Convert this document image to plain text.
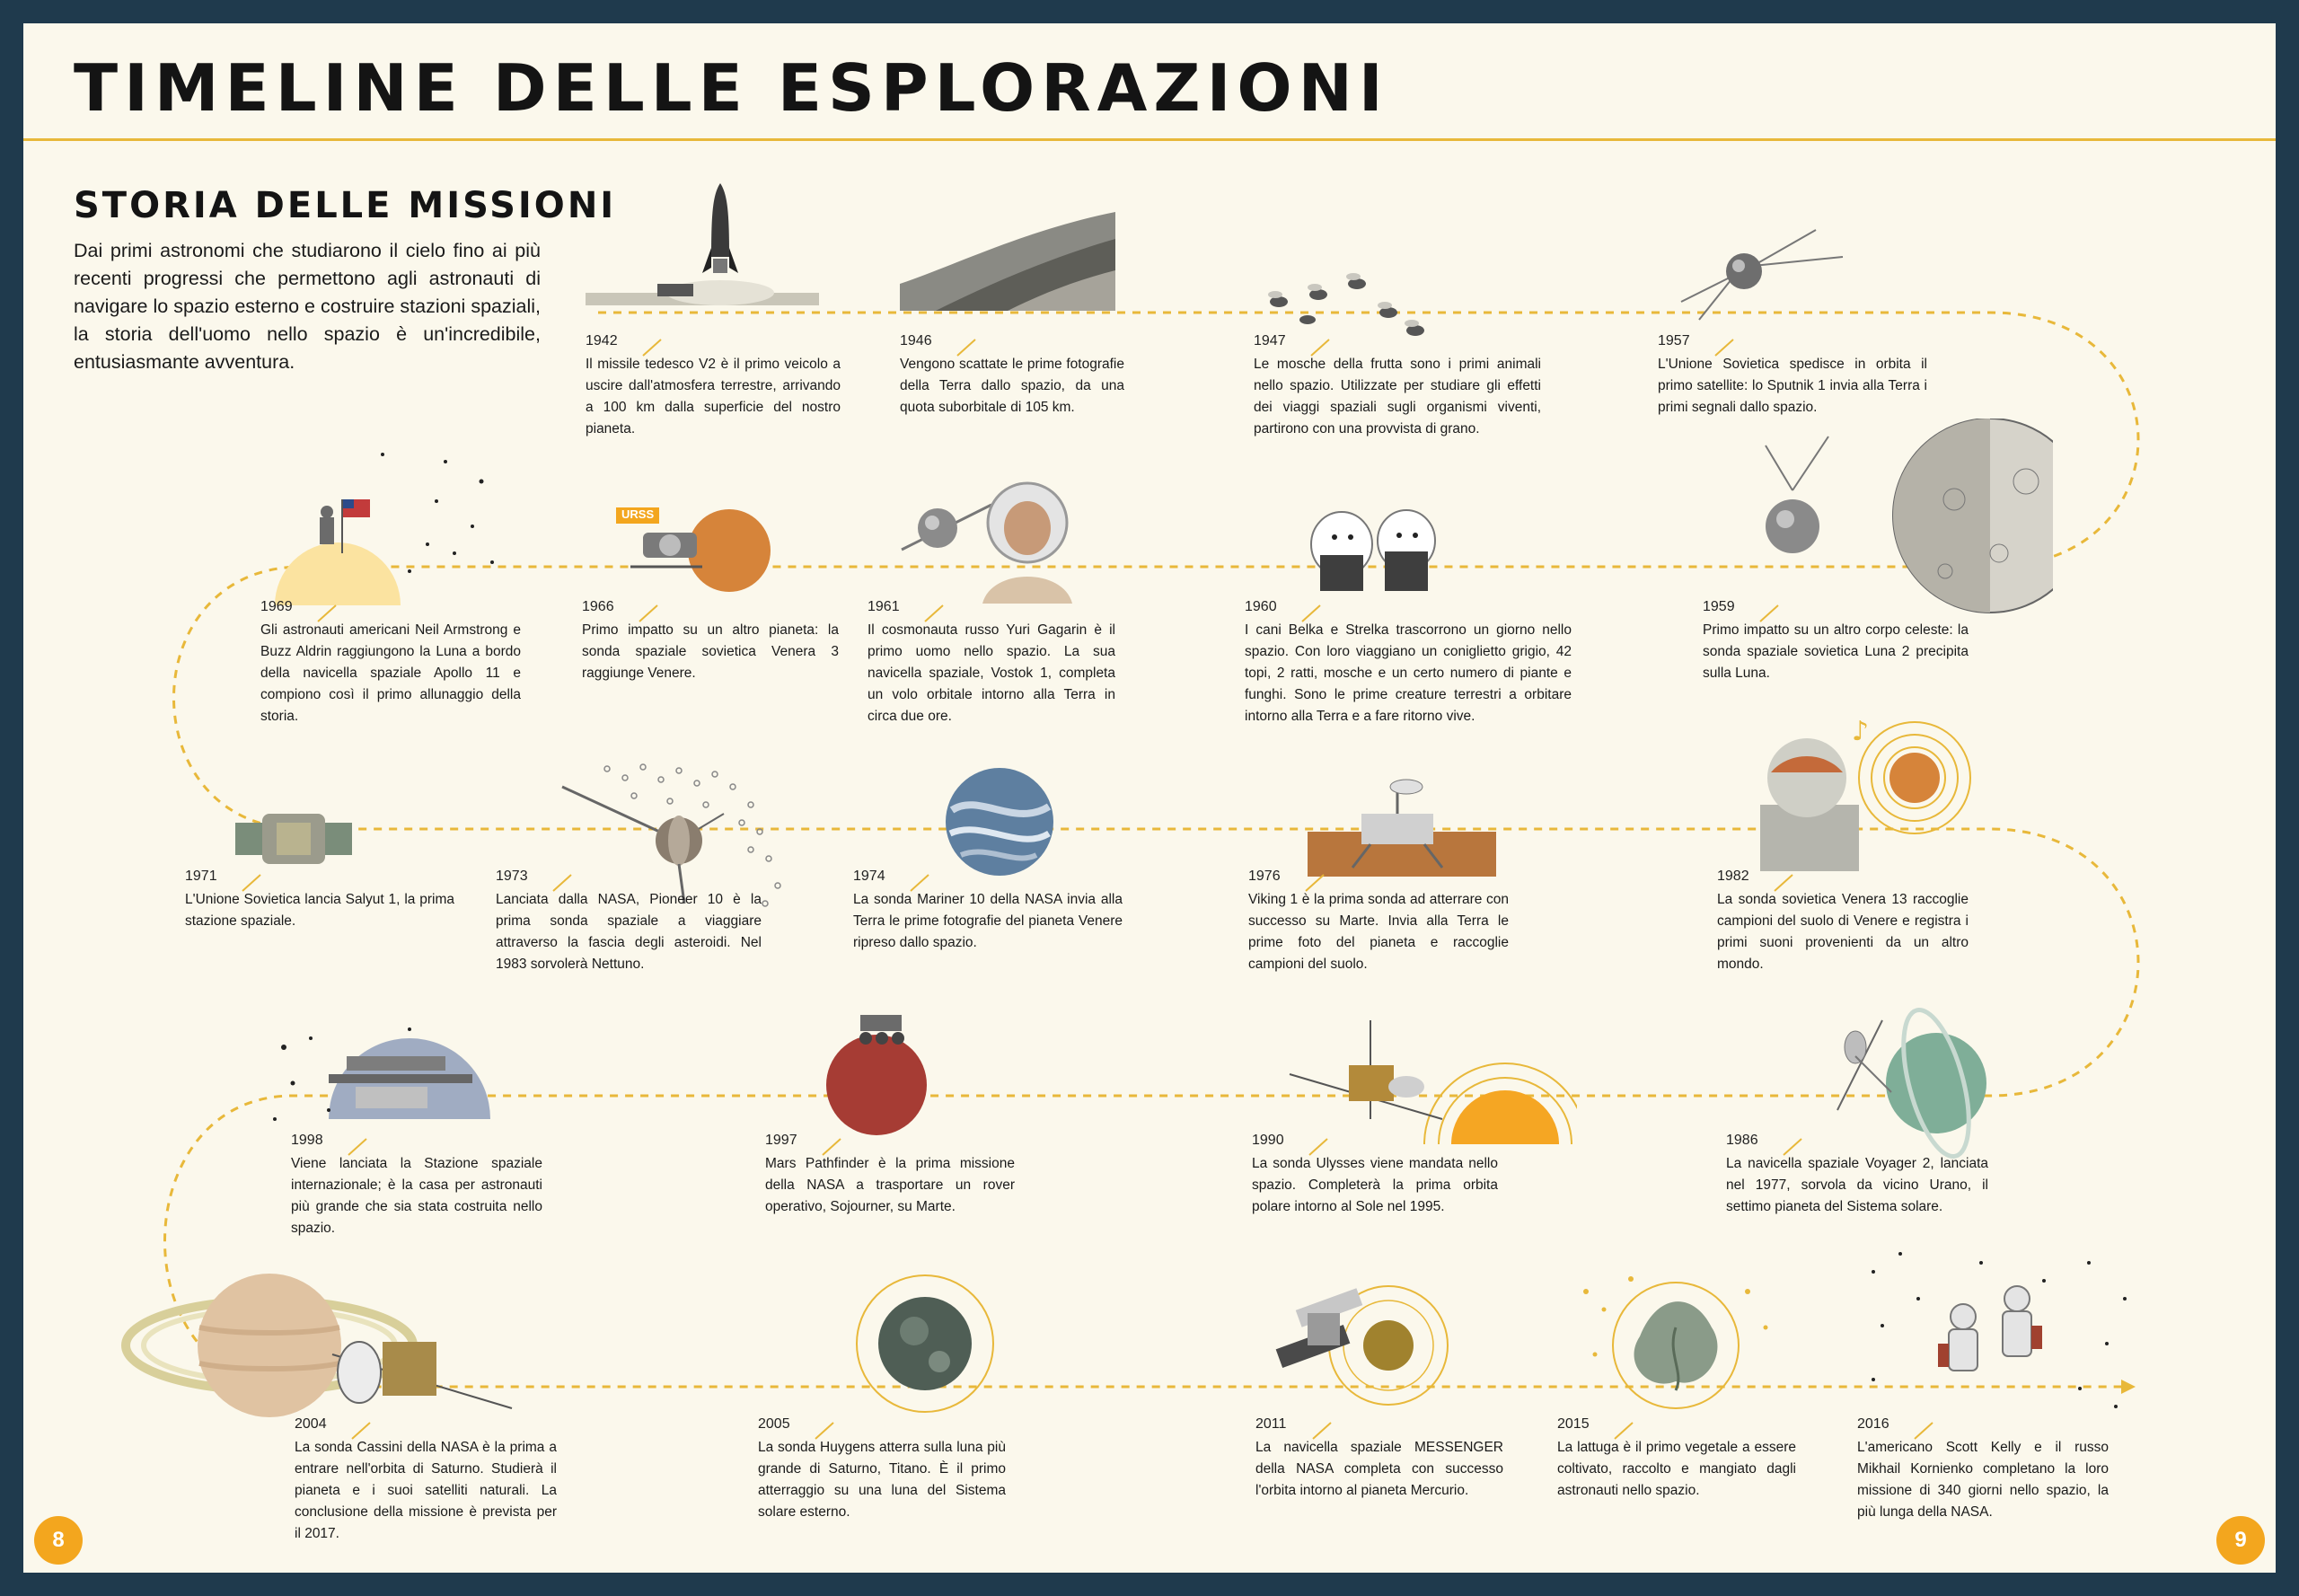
TIMELINE DELLE ESPLORAZIONI
STORIA DELLE MISSIONI

Dai primi astronomi che studiarono il cielo fino ai più recenti progressi che permettono agli astronauti di navigare lo spazio esterno e costruire stazioni spaziali, la storia dell'uomo nello spazio è un'incredibile, entusiasmante avventura.

URSS
♪
1942

Il missile tedesco V2 è il primo veicolo a uscire dall'atmosfera terrestre, arrivando a 100 km dalla superficie del nostro pianeta.

1946

Vengono scattate le prime fotografie della Terra dallo spazio, da una quota suborbitale di 105 km.

1947

Le mosche della frutta sono i primi animali nello spazio. Utilizzate per studiare gli effetti dei viaggi spaziali sugli organismi viventi, partirono con una provvista di grano.

1957

L'Unione Sovietica spedisce in orbita il primo satellite: lo Sputnik 1 invia alla Terra i primi segnali dallo spazio.

1969

Gli astronauti americani Neil Armstrong e Buzz Aldrin raggiungono la Luna a bordo della navicella spaziale Apollo 11 e compiono così il primo allunaggio della storia.

1966

Primo impatto su un altro pianeta: la sonda spaziale sovietica Venera 3 raggiunge Venere.

1961

Il cosmonauta russo Yuri Gagarin è il primo uomo nello spazio. La sua navicella spaziale, Vostok 1, completa un volo orbitale intorno alla Terra in circa due ore.

1960

I cani Belka e Strelka trascorrono un giorno nello spazio. Con loro viaggiano un coniglietto grigio, 42 topi, 2 ratti, mosche e un certo numero di piante e funghi. Sono le prime creature terrestri a orbitare intorno alla Terra e a fare ritorno vive.

1959

Primo impatto su un altro corpo celeste: la sonda spaziale sovietica Luna 2 precipita sulla Luna.

1971

L'Unione Sovietica lancia Salyut 1, la prima stazione spaziale.

1973

Lanciata dalla NASA, Pioneer 10 è la prima sonda spaziale a viaggiare attraverso la fascia degli asteroidi. Nel 1983 sorvolerà Nettuno.

1974

La sonda Mariner 10 della NASA invia alla Terra le prime fotografie del pianeta Venere ripreso dallo spazio.

1976

Viking 1 è la prima sonda ad atterrare con successo su Marte. Invia alla Terra le prime foto del pianeta e raccoglie campioni del suolo.

1982

La sonda sovietica Venera 13 raccoglie campioni del suolo di Venere e registra i primi suoni provenienti da un altro mondo.

1998

Viene lanciata la Stazione spaziale internazionale; è la casa per astronauti più grande che sia stata costruita nello spazio.

1997

Mars Pathfinder è la prima missione della NASA a trasportare un rover operativo, Sojourner, su Marte.

1990

La sonda Ulysses viene mandata nello spazio. Completerà la prima orbita polare intorno al Sole nel 1995.

1986

La navicella spaziale Voyager 2, lanciata nel 1977, sorvola da vicino Urano, il settimo pianeta del Sistema solare.

2004

La sonda Cassini della NASA è la prima a entrare nell'orbita di Saturno. Studierà il pianeta e i suoi satelliti naturali. La conclusione della missione è prevista per il 2017.

2005

La sonda Huygens atterra sulla luna più grande di Saturno, Titano. È il primo atterraggio su una luna del Sistema solare esterno.

2011

La navicella spaziale MESSENGER della NASA completa con successo l'orbita intorno al pianeta Mercurio.

2015

La lattuga è il primo vegetale a essere coltivato, raccolto e mangiato dagli astronauti nello spazio.

2016

L'americano Scott Kelly e il russo Mikhail Kornienko completano la loro missione di 340 giorni nello spazio, la più lunga della NASA.

8	9
